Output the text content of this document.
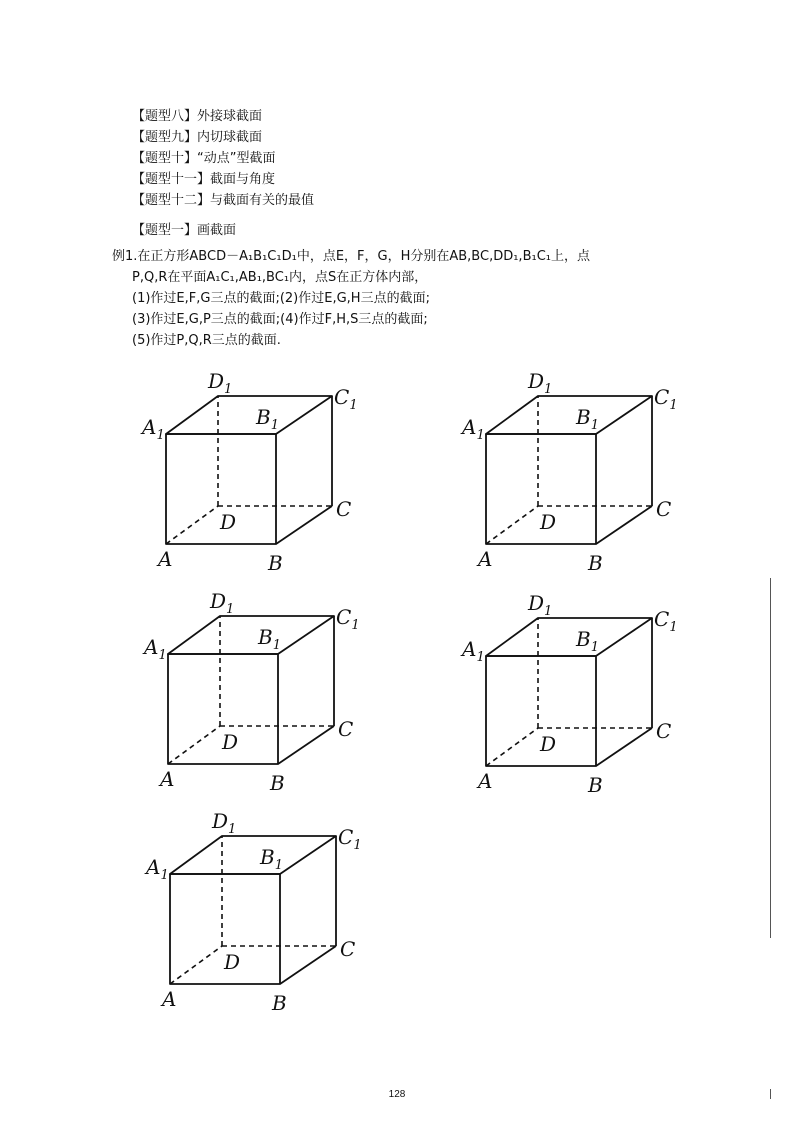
【题型八】外接球截面
【题型九】内切球截面
【题型十】“动点”型截面
【题型十一】截面与角度
【题型十二】与截面有关的最值
【题型一】画截面
例1.在正方形ABCD－A₁B₁C₁D₁中，点E，F，G，H分别在AB,BC,DD₁,B₁C₁上，点
P,Q,R在平面A₁C₁,AB₁,BC₁内，点S在正方体内部，
(1)作过E,F,G三点的截面;(2)作过E,G,H三点的截面;
(3)作过E,G,P三点的截面;(4)作过F,H,S三点的截面;
(5)作过P,Q,R三点的截面.
$D_1$	$C_1$
$A_1$
$B_1$
C
D
A	B
$D_1$	$C_1$
$A_1$
$B_1$
C
D
A	B
$D_1$	$C_1$
$A_1$
$B_1$
C
D
A	B
$D_1$	$C_1$
$A_1$
$B_1$
C
D
A	B
$D_1$	$C_1$
$A_1$
$B_1$
C
D
A	B
128
